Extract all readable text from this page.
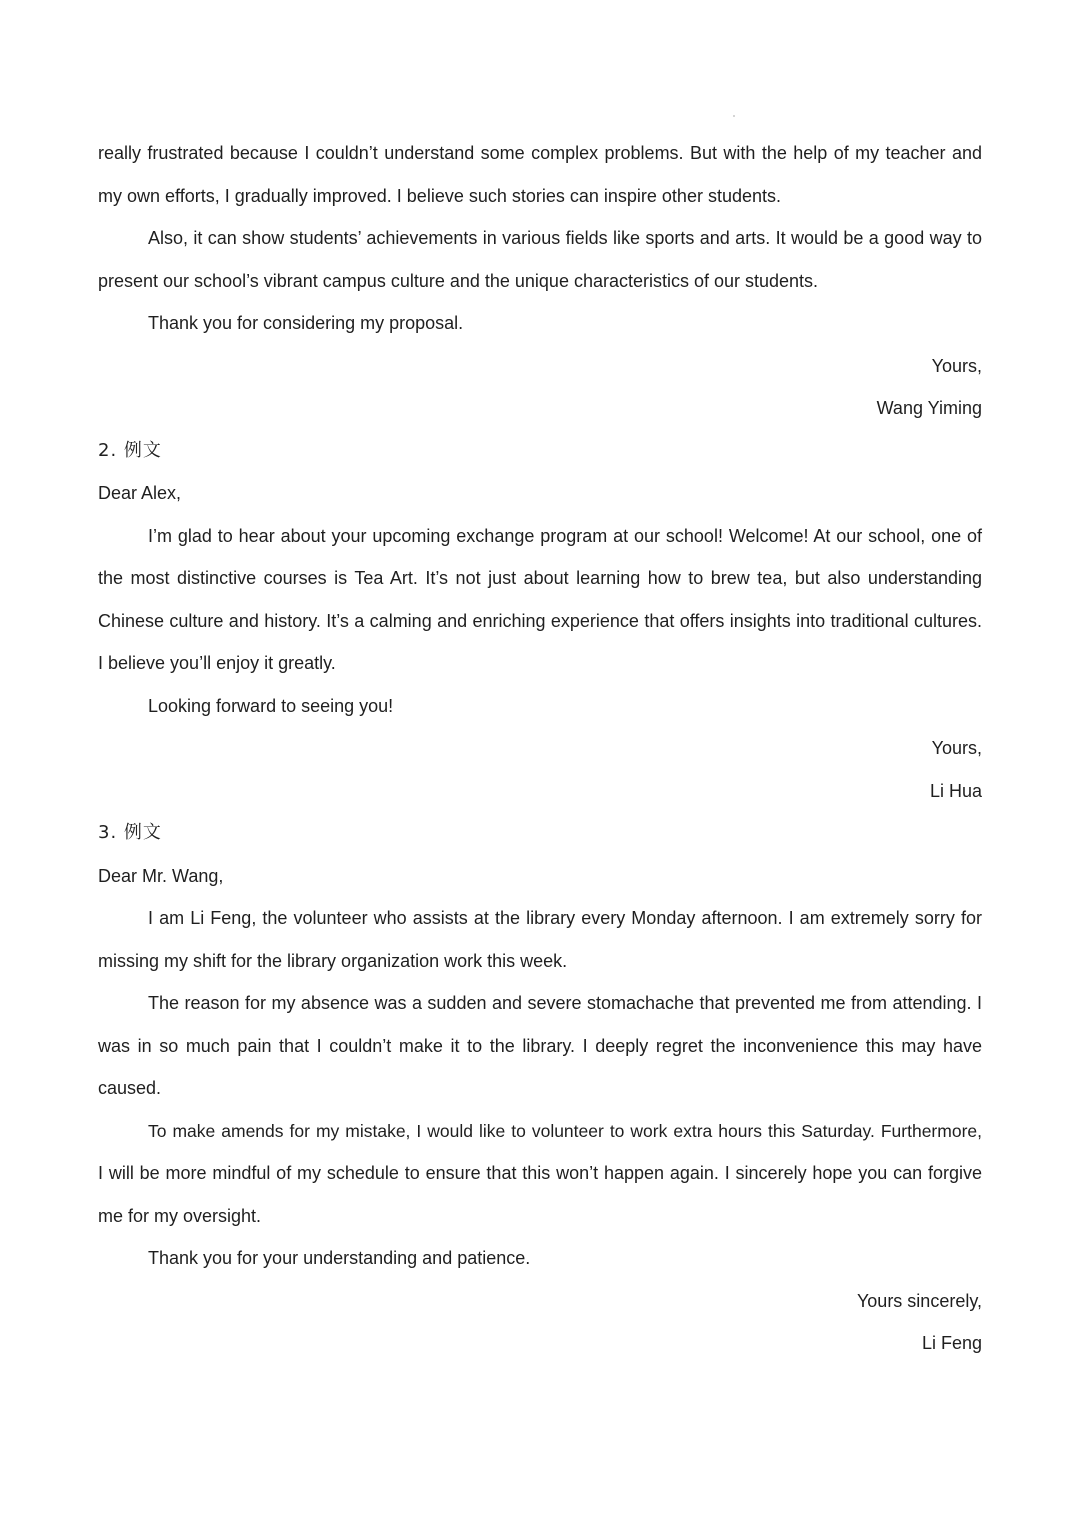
really frustrated because I couldn’t understand some complex problems. But with the help of my teacher and
my own efforts, I gradually improved. I believe such stories can inspire other students.
Also, it can show students’ achievements in various fields like sports and arts. It would be a good way to
present our school’s vibrant campus culture and the unique characteristics of our students.
Thank you for considering my proposal.
Yours,
Wang Yiming
2. 例文
Dear Alex,
I’m glad to hear about your upcoming exchange program at our school! Welcome! At our school, one of
the most distinctive courses is Tea Art. It’s not just about learning how to brew tea, but also understanding
Chinese culture and history. It’s a calming and enriching experience that offers insights into traditional cultures.
I believe you’ll enjoy it greatly.
Looking forward to seeing you!
Yours,
Li Hua
3. 例文
Dear Mr. Wang,
I am Li Feng, the volunteer who assists at the library every Monday afternoon. I am extremely sorry for
missing my shift for the library organization work this week.
The reason for my absence was a sudden and severe stomachache that prevented me from attending. I
was in so much pain that I couldn’t make it to the library. I deeply regret the inconvenience this may have
caused.
To make amends for my mistake, I would like to volunteer to work extra hours this Saturday. Furthermore,
I will be more mindful of my schedule to ensure that this won’t happen again. I sincerely hope you can forgive
me for my oversight.
Thank you for your understanding and patience.
Yours sincerely,
Li Feng
